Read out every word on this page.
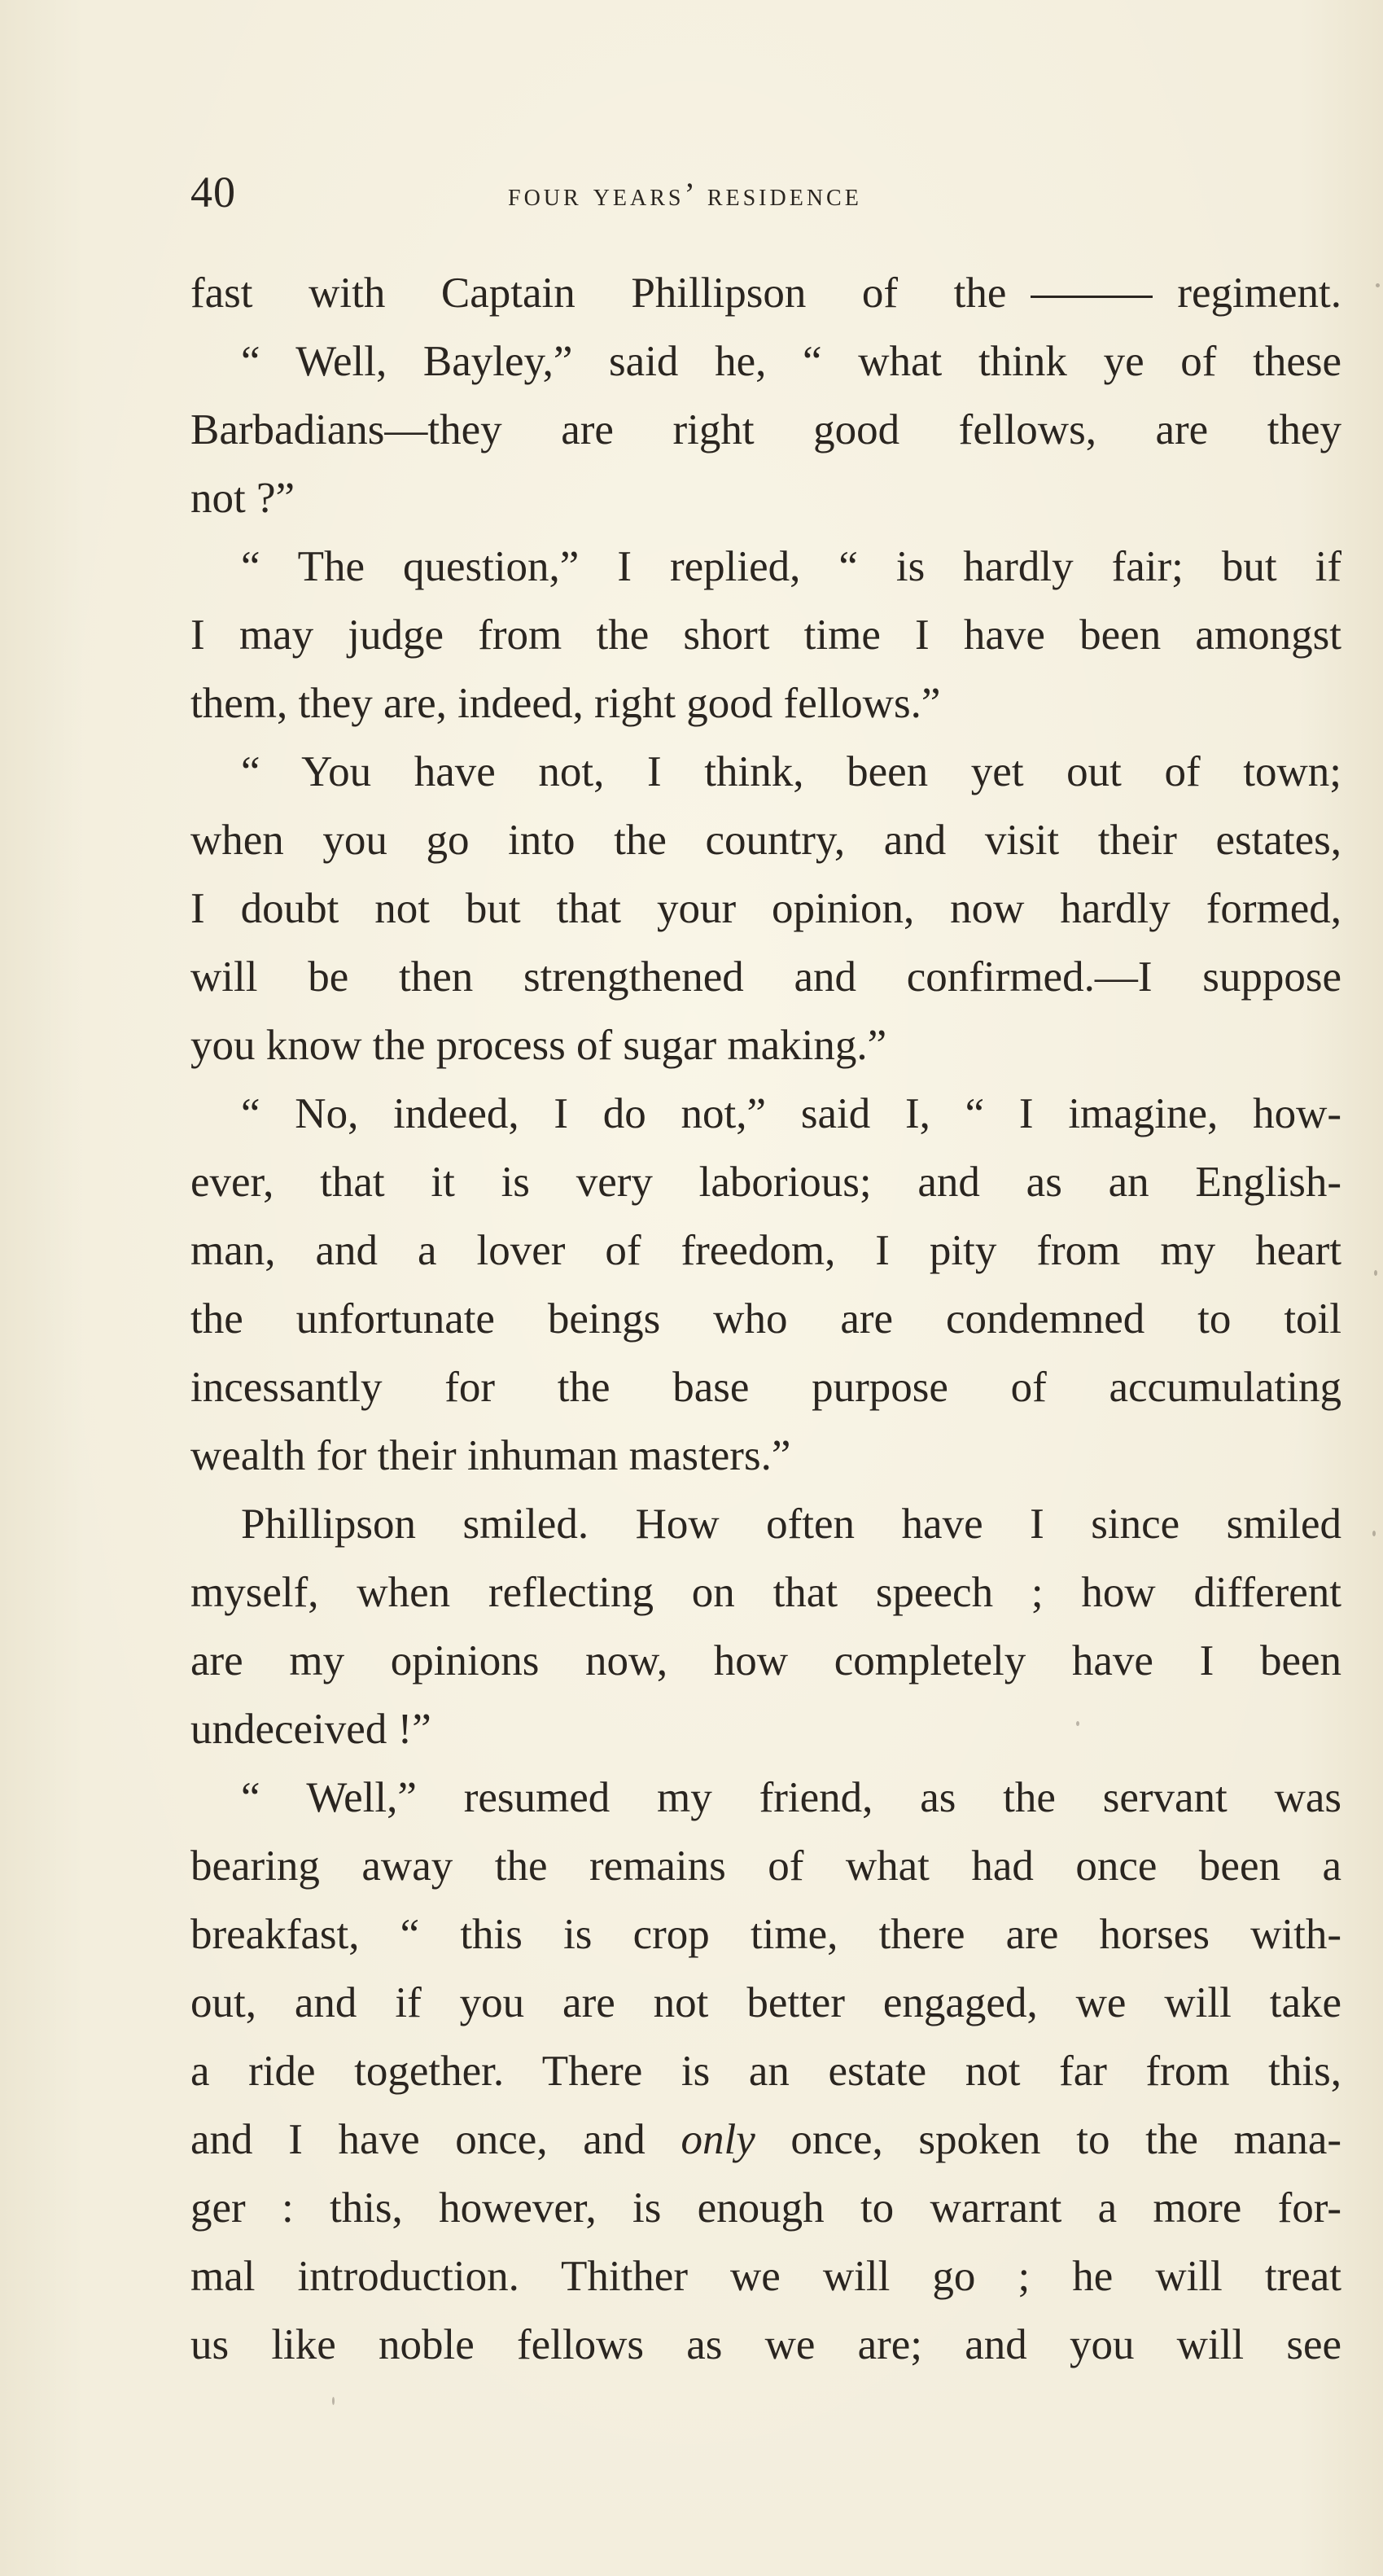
40	four years’ residence
fast with Captain Phillipson of the	regiment.
“ Well, Bayley,” said he, “ what think ye of these
Barbadians—they are right good fellows, are they
not ?”
“ The question,” I replied, “ is hardly fair; but if
I may judge from the short time I have been amongst
them, they are, indeed, right good fellows.”
“ You have not, I think, been yet out of town;
when you go into the country, and visit their estates,
I doubt not but that your opinion, now hardly formed,
will be then strengthened and confirmed.—I suppose
you know the process of sugar making.”
“ No, indeed, I do not,” said I, “ I imagine, how-
ever, that it is very laborious; and as an English-
man, and a lover of freedom, I pity from my heart
the unfortunate beings who are condemned to toil
incessantly for the base purpose of accumulating
wealth for their inhuman masters.”
Phillipson smiled. How often have I since smiled
myself, when reflecting on that speech ; how different
are my opinions now, how completely have I been
undeceived !”
“ Well,” resumed my friend, as the servant was
bearing away the remains of what had once been a
breakfast, “ this is crop time, there are horses with-
out, and if you are not better engaged, we will take
a ride together. There is an estate not far from this,
and I have once, and only once, spoken to the mana-
ger : this, however, is enough to warrant a more for-
mal introduction. Thither we will go ; he will treat
us like noble fellows as we are; and you will see
